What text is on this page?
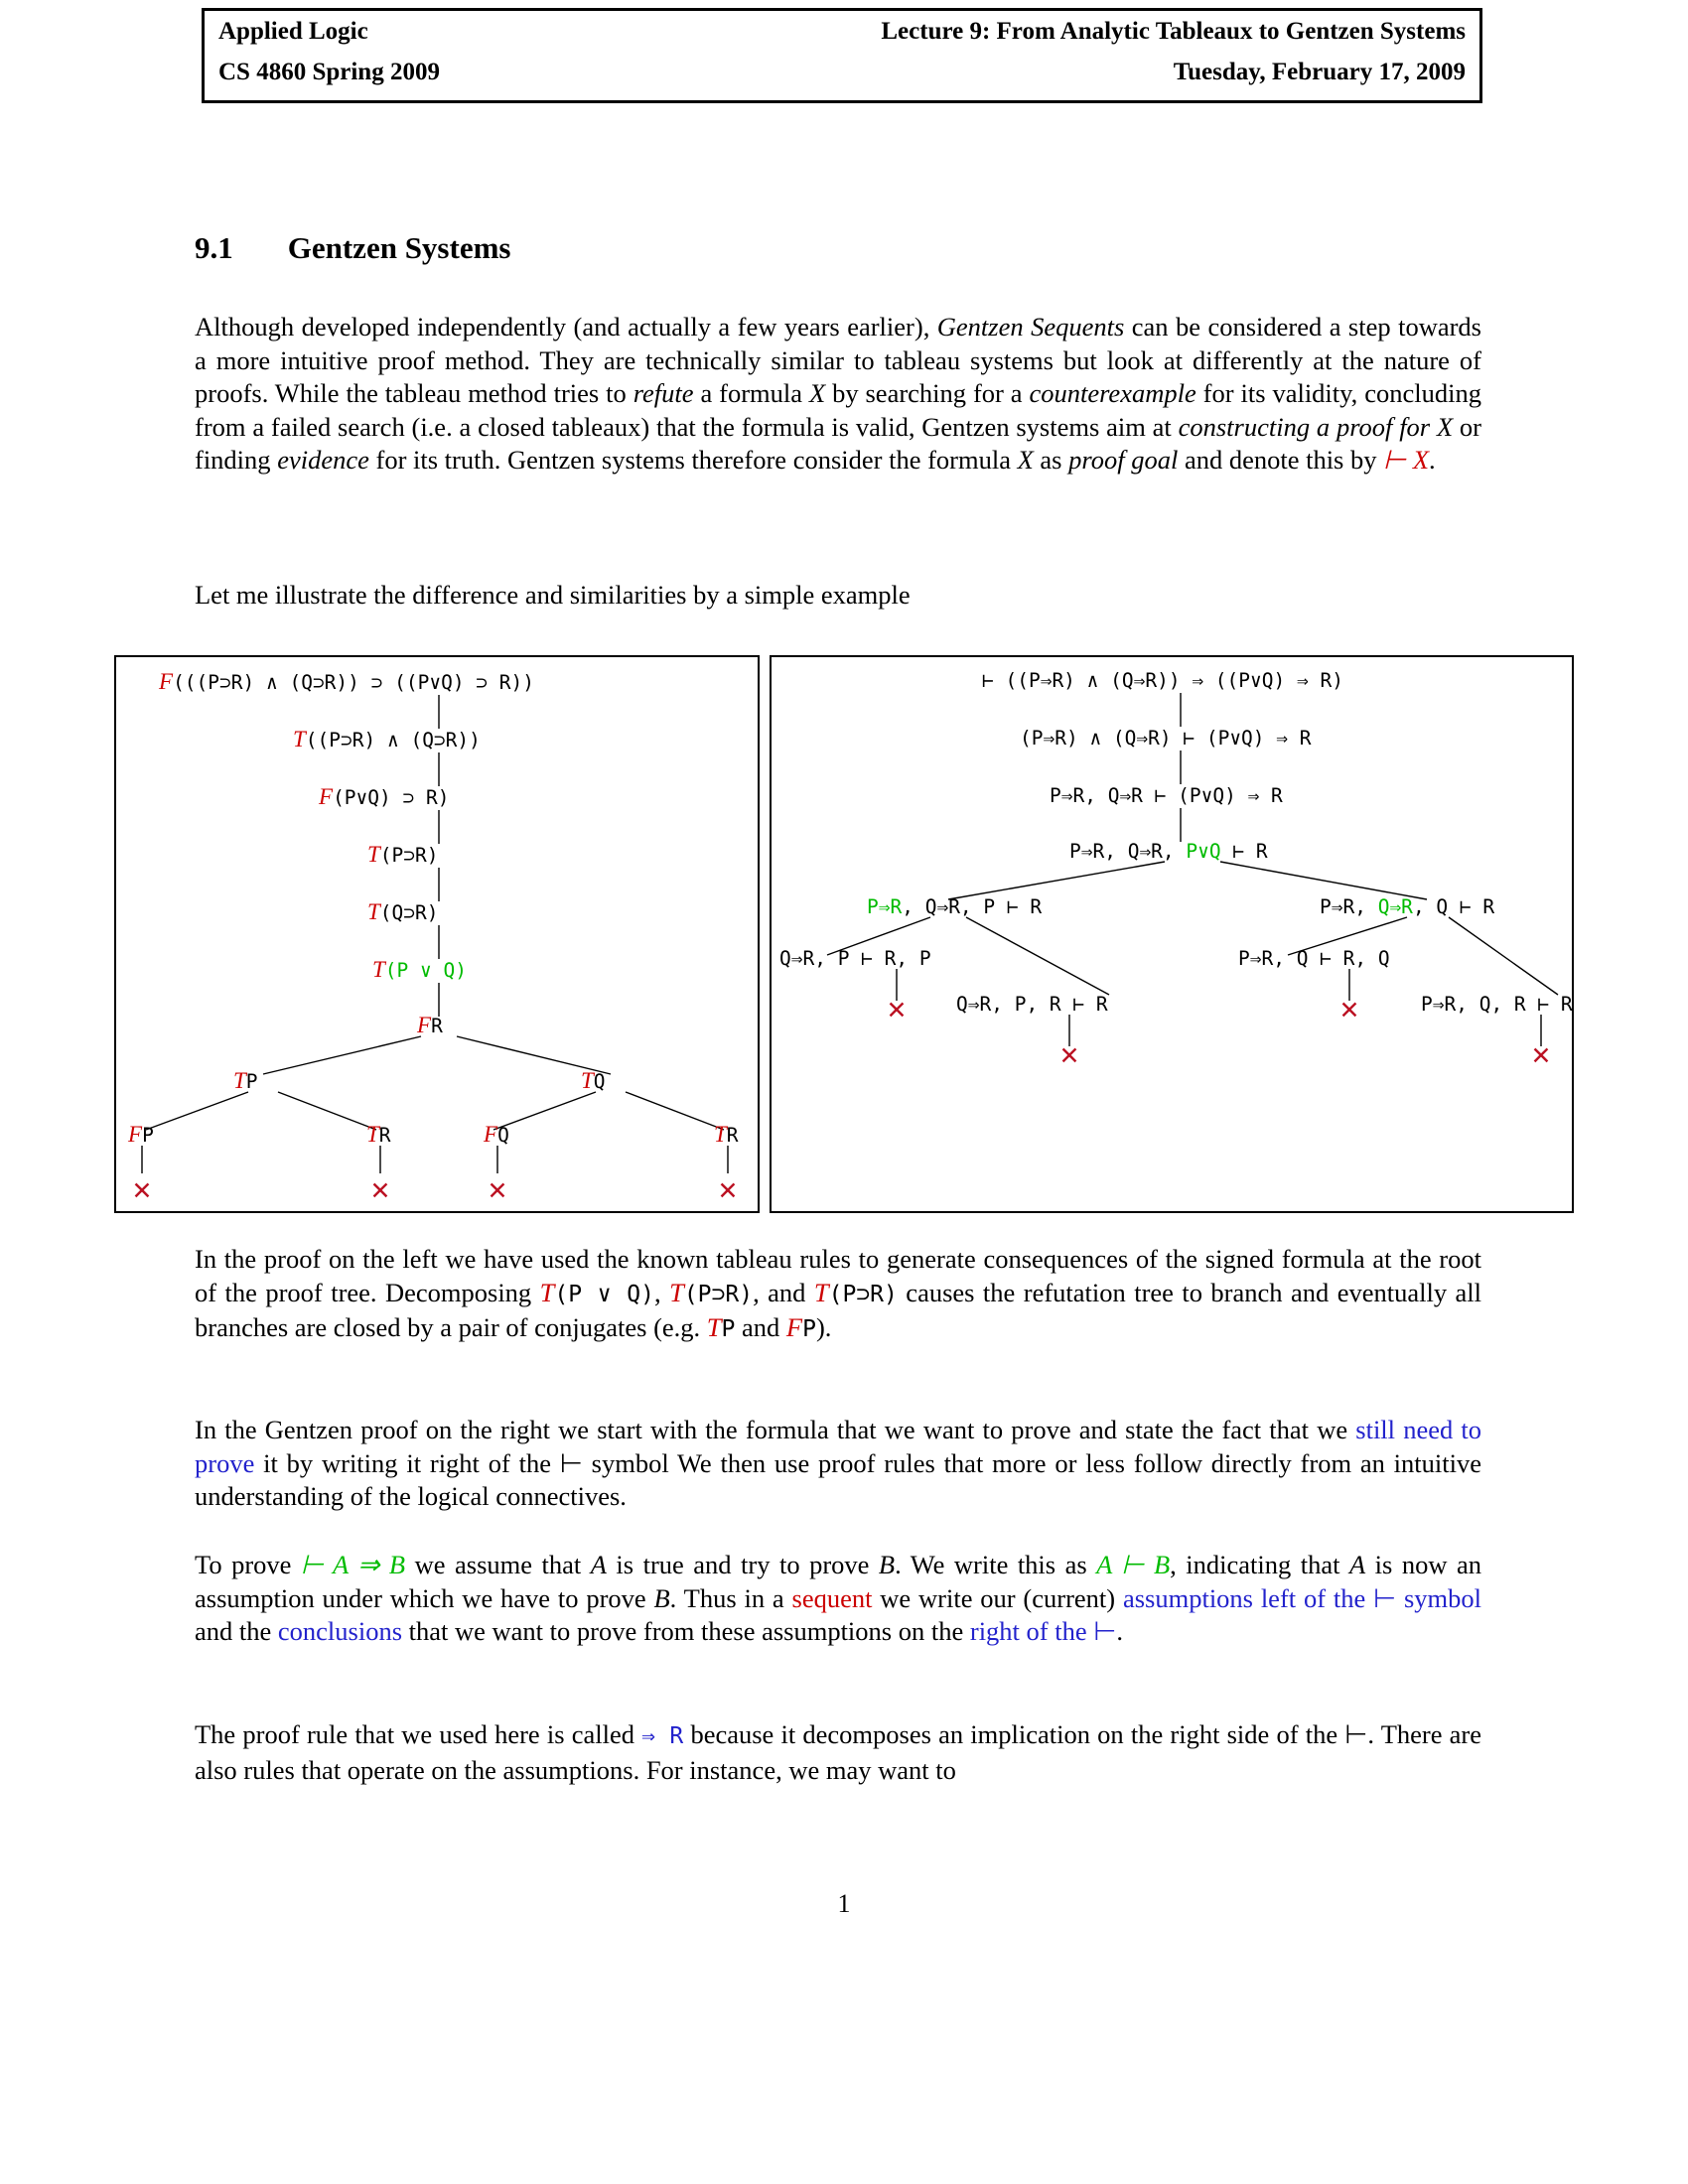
Applied Logic	Lecture 9: From Analytic Tableaux to Gentzen Systems
CS 4860 Spring 2009	Tuesday, February 17, 2009
9.1 Gentzen Systems
Although developed independently (and actually a few years earlier), Gentzen Sequents can be considered a step towards a more intuitive proof method. They are technically similar to tableau systems but look at differently at the nature of proofs. While the tableau method tries to refute a formula X by searching for a counterexample for its validity, concluding from a failed search (i.e. a closed tableaux) that the formula is valid, Gentzen systems aim at constructing a proof for X or finding evidence for its truth. Gentzen systems therefore consider the formula X as proof goal and denote this by ⊢ X.
Let me illustrate the difference and similarities by a simple example
F(((P⊃R) ∧ (Q⊃R)) ⊃ ((P∨Q) ⊃ R))
T((P⊃R) ∧ (Q⊃R))
F(P∨Q) ⊃ R)
T(P⊃R)
T(Q⊃R)
T(P ∨ Q)
FR
TP	TQ
FP	TR	FQ	TR
✕	✕	✕	✕
⊢ ((P⇒R) ∧ (Q⇒R)) ⇒ ((P∨Q) ⇒ R)
(P⇒R) ∧ (Q⇒R) ⊢ (P∨Q) ⇒ R
P⇒R, Q⇒R ⊢ (P∨Q) ⇒ R
P⇒R, Q⇒R, P∨Q ⊢ R
P⇒R, Q⇒R, P ⊢ R	P⇒R, Q⇒R, Q ⊢ R
Q⇒R, P ⊢ R, P
Q⇒R, P, R ⊢ R
P⇒R, Q ⊢ R, Q
P⇒R, Q, R ⊢ R
✕	✕
✕	✕
In the proof on the left we have used the known tableau rules to generate consequences of the signed formula at the root of the proof tree. Decomposing T(P ∨ Q), T(P⊃R), and T(P⊃R) causes the refutation tree to branch and eventually all branches are closed by a pair of conjugates (e.g. TP and FP).
In the Gentzen proof on the right we start with the formula that we want to prove and state the fact that we still need to prove it by writing it right of the ⊢ symbol We then use proof rules that more or less follow directly from an intuitive understanding of the logical connectives.
To prove ⊢ A ⇒ B we assume that A is true and try to prove B. We write this as A ⊢ B, indicating that A is now an assumption under which we have to prove B. Thus in a sequent we write our (current) assumptions left of the ⊢ symbol and the conclusions that we want to prove from these assumptions on the right of the ⊢.
The proof rule that we used here is called ⇒ R because it decomposes an implication on the right side of the ⊢. There are also rules that operate on the assumptions. For instance, we may want to
1
